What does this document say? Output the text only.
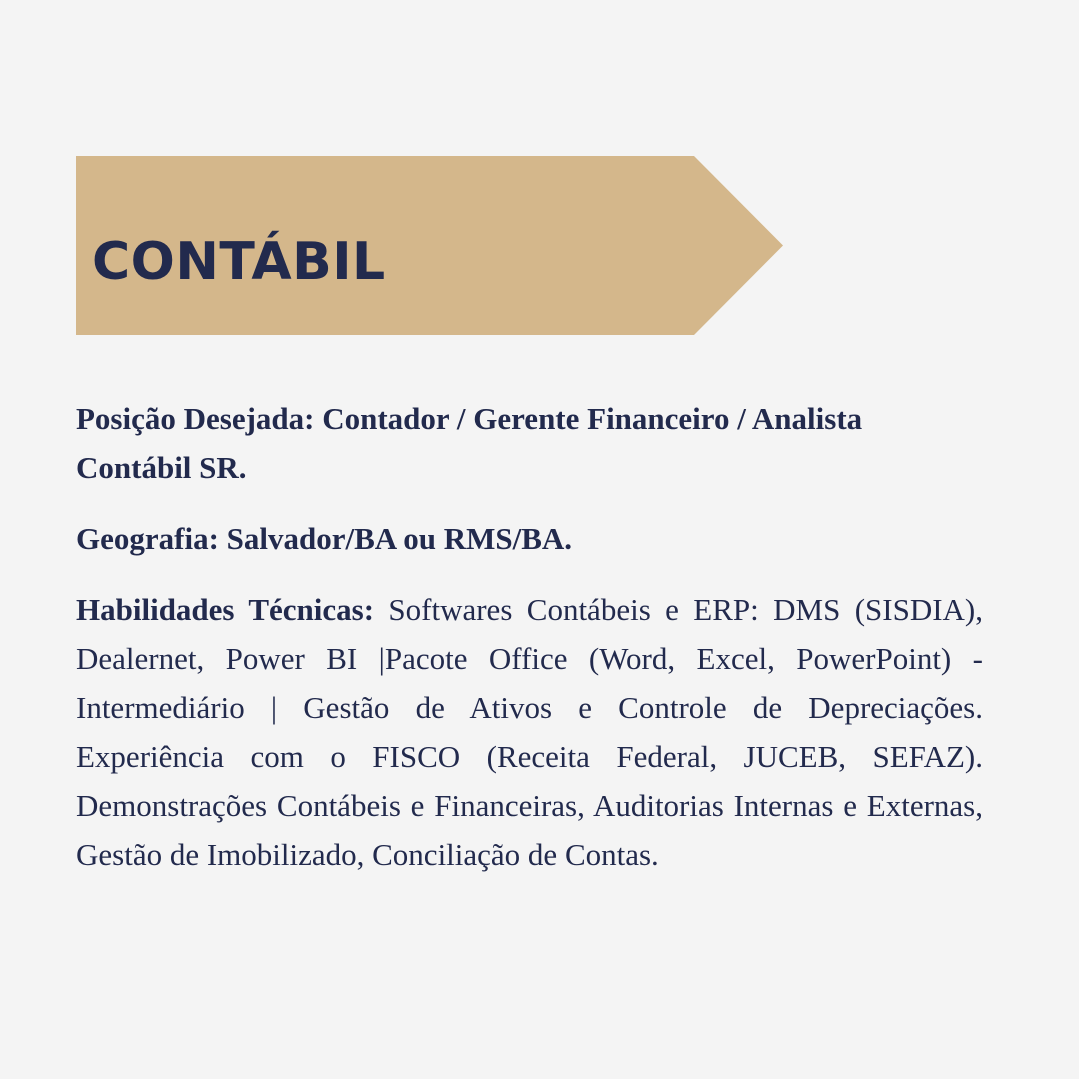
CONTÁBIL

Posição Desejada: Contador / Gerente Financeiro / Analista Contábil SR.

Geografia: Salvador/BA ou RMS/BA.

Habilidades Técnicas: Softwares Contábeis e ERP: DMS (SISDIA), Dealernet, Power BI |Pacote Office (Word, Excel, PowerPoint) - Intermediário | Gestão de Ativos e Controle de Depreciações. Experiência com o FISCO (Receita Federal, JUCEB, SEFAZ). Demonstrações Contábeis e Financeiras, Auditorias Internas e Externas, Gestão de Imobilizado, Conciliação de Contas.
